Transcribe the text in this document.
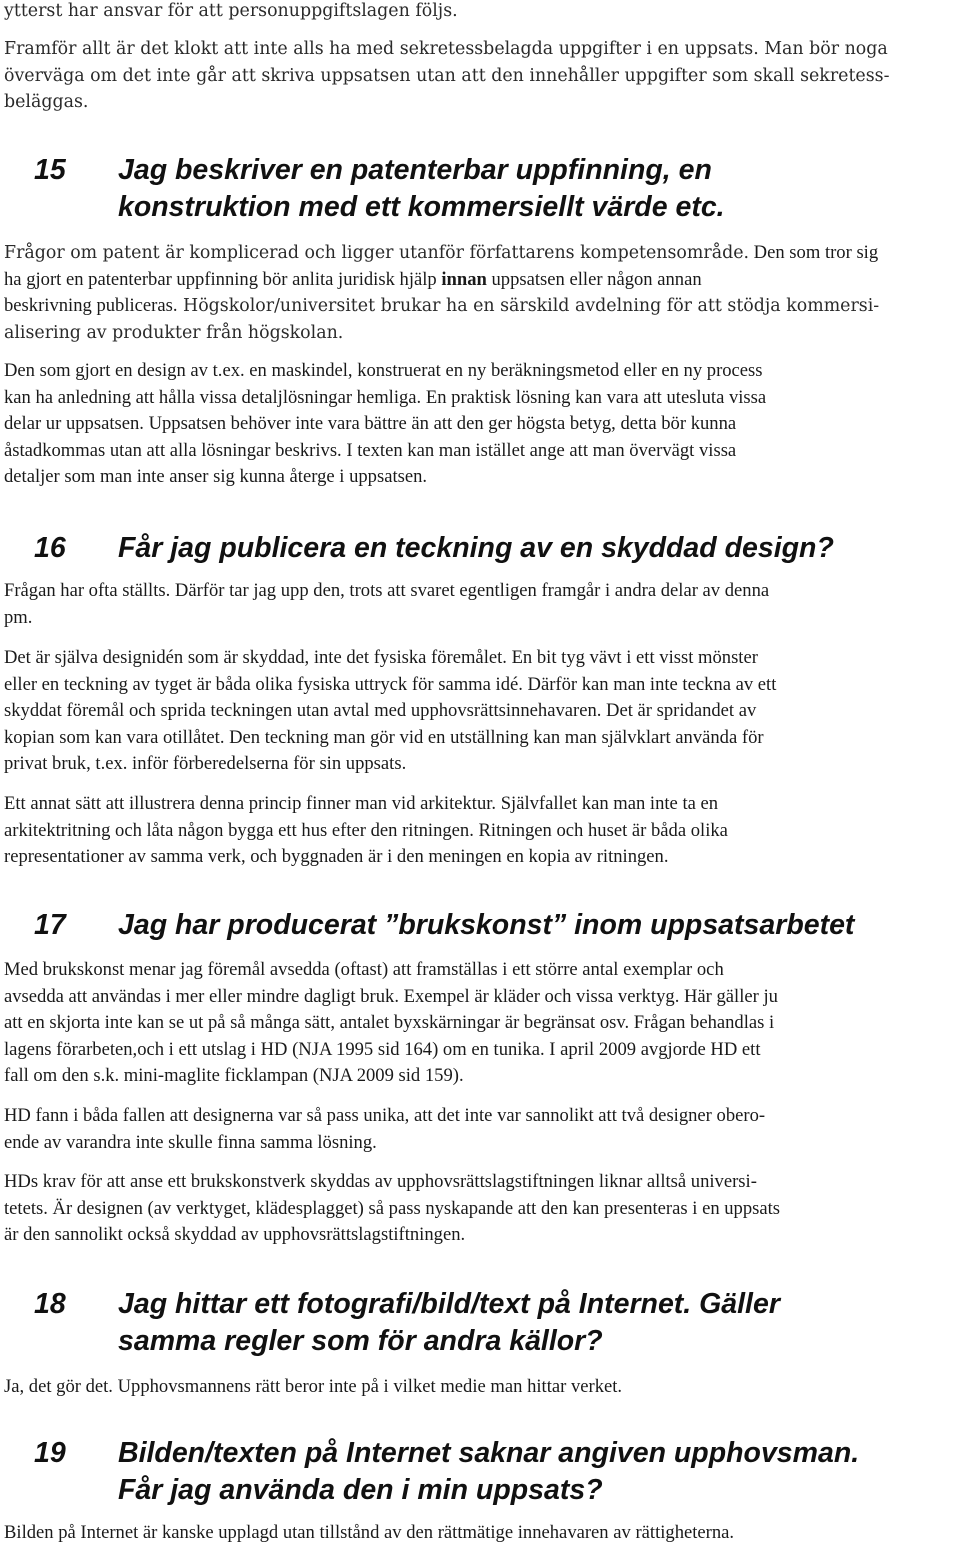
ytterst har ansvar för att personuppgiftslagen följs.
Framför allt är det klokt att inte alls ha med sekretessbelagda uppgifter i en uppsats. Man bör noga
överväga om det inte går att skriva uppsatsen utan att den innehåller uppgifter som skall sekretess-
beläggas.
15 Jag beskriver en patenterbar uppfinning, en
konstruktion med ett kommersiellt värde etc.
Frågor om patent är komplicerad och ligger utanför författarens kompetensområde. Den som tror sig
ha gjort en patenterbar uppfinning bör anlita juridisk hjälp innan uppsatsen eller någon annan
beskrivning publiceras. Högskolor/universitet brukar ha en särskild avdelning för att stödja kommersi-
alisering av produkter från högskolan.
Den som gjort en design av t.ex. en maskindel, konstruerat en ny beräkningsmetod eller en ny process
kan ha anledning att hålla vissa detaljlösningar hemliga. En praktisk lösning kan vara att utesluta vissa
delar ur uppsatsen. Uppsatsen behöver inte vara bättre än att den ger högsta betyg, detta bör kunna
åstadkommas utan att alla lösningar beskrivs. I texten kan man istället ange att man övervägt vissa
detaljer som man inte anser sig kunna återge i uppsatsen.
16 Får jag publicera en teckning av en skyddad design?
Frågan har ofta ställts. Därför tar jag upp den, trots att svaret egentligen framgår i andra delar av denna
pm.
Det är själva designidén som är skyddad, inte det fysiska föremålet. En bit tyg vävt i ett visst mönster
eller en teckning av tyget är båda olika fysiska uttryck för samma idé. Därför kan man inte teckna av ett
skyddat föremål och sprida teckningen utan avtal med upphovsrättsinnehavaren. Det är spridandet av
kopian som kan vara otillåtet. Den teckning man gör vid en utställning kan man självklart använda för
privat bruk, t.ex. inför förberedelserna för sin uppsats.
Ett annat sätt att illustrera denna princip finner man vid arkitektur. Självfallet kan man inte ta en
arkitektritning och låta någon bygga ett hus efter den ritningen. Ritningen och huset är båda olika
representationer av samma verk, och byggnaden är i den meningen en kopia av ritningen.
17 Jag har producerat ”brukskonst” inom uppsatsarbetet
Med brukskonst menar jag föremål avsedda (oftast) att framställas i ett större antal exemplar och
avsedda att användas i mer eller mindre dagligt bruk. Exempel är kläder och vissa verktyg. Här gäller ju
att en skjorta inte kan se ut på så många sätt, antalet byxskärningar är begränsat osv. Frågan behandlas i
lagens förarbeten,och i ett utslag i HD (NJA 1995 sid 164) om en tunika. I april 2009 avgjorde HD ett
fall om den s.k. mini-maglite ficklampan (NJA 2009 sid 159).
HD fann i båda fallen att designerna var så pass unika, att det inte var sannolikt att två designer obero-
ende av varandra inte skulle finna samma lösning.
HDs krav för att anse ett brukskonstverk skyddas av upphovsrättslagstiftningen liknar alltså universi-
tetets. Är designen (av verktyget, klädesplagget) så pass nyskapande att den kan presenteras i en uppsats
är den sannolikt också skyddad av upphovsrättslagstiftningen.
18 Jag hittar ett fotografi/bild/text på Internet. Gäller
samma regler som för andra källor?
Ja, det gör det. Upphovsmannens rätt beror inte på i vilket medie man hittar verket.
19 Bilden/texten på Internet saknar angiven upphovsman.
Får jag använda den i min uppsats?
Bilden på Internet är kanske upplagd utan tillstånd av den rättmätige innehavaren av rättigheterna.
